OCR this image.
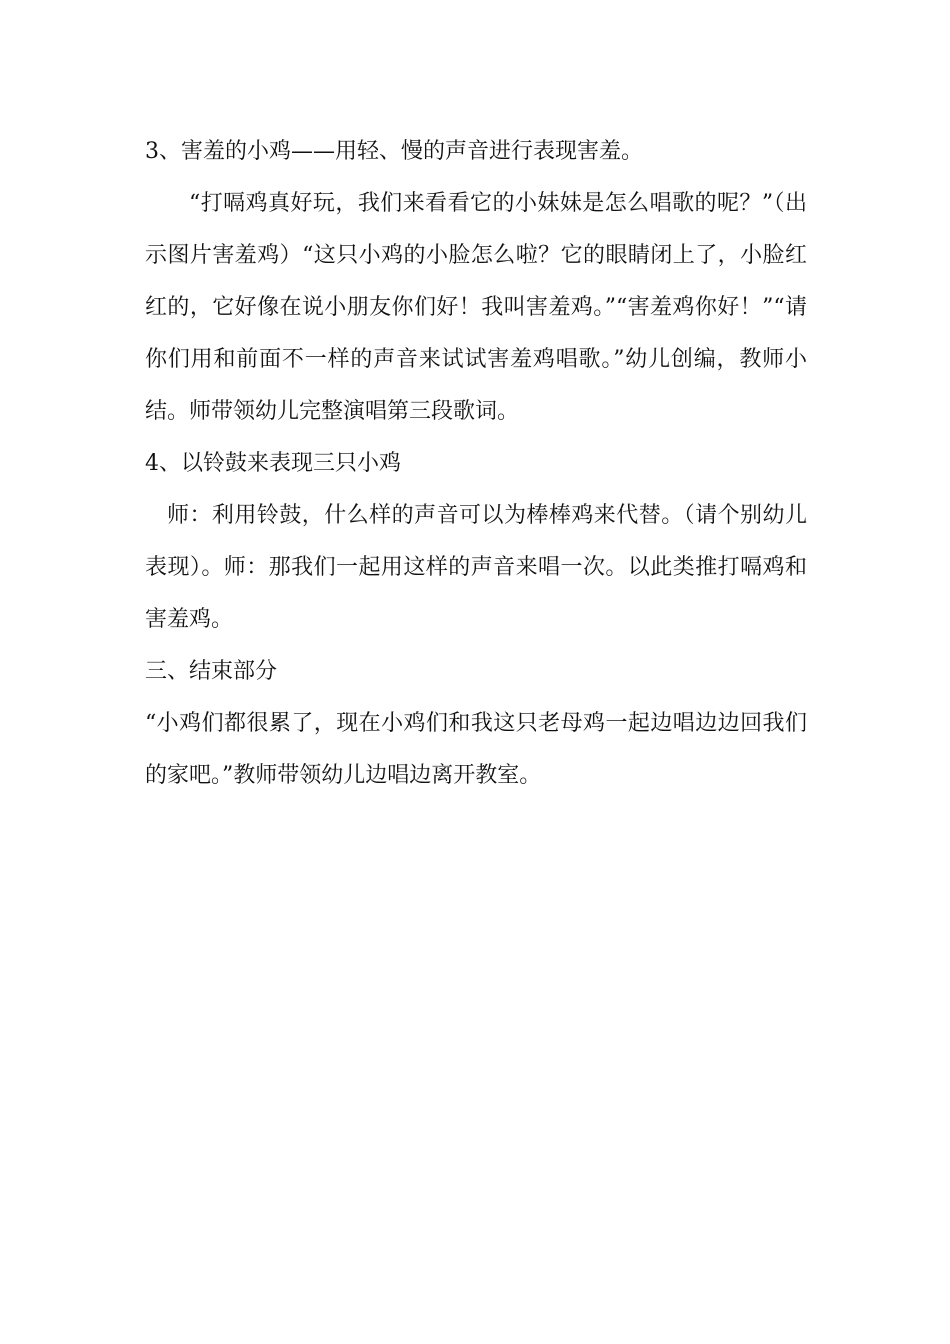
3、害羞的小鸡——用轻、慢的声音进行表现害羞。

“打嗝鸡真好玩，我们来看看它的小妹妹是怎么唱歌的呢？”（出示图片害羞鸡）“这只小鸡的小脸怎么啦？它的眼睛闭上了，小脸红红的，它好像在说小朋友你们好！我叫害羞鸡。”“害羞鸡你好！”“请你们用和前面不一样的声音来试试害羞鸡唱歌。”幼儿创编，教师小结。师带领幼儿完整演唱第三段歌词。

4、以铃鼓来表现三只小鸡

师：利用铃鼓，什么样的声音可以为棒棒鸡来代替。（请个别幼儿表现）。师：那我们一起用这样的声音来唱一次。以此类推打嗝鸡和害羞鸡。

三、结束部分

“小鸡们都很累了，现在小鸡们和我这只老母鸡一起边唱边边回我们的家吧。”教师带领幼儿边唱边离开教室。
